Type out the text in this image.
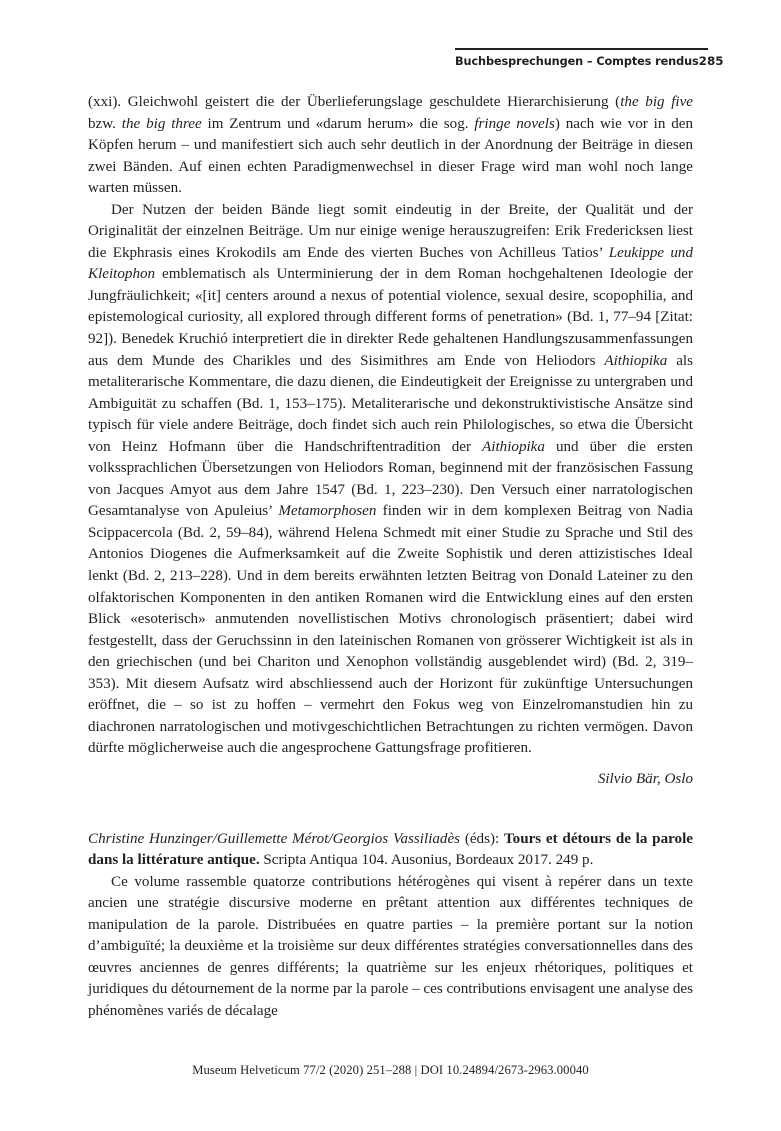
Buchbesprechungen – Comptes rendus 285

(xxi). Gleichwohl geistert die der Überlieferungslage geschuldete Hierarchisierung (the big five bzw. the big three im Zentrum und «darum herum» die sog. fringe novels) nach wie vor in den Köpfen herum – und manifestiert sich auch sehr deutlich in der Anordnung der Beiträge in diesen zwei Bänden. Auf einen echten Paradigmenwechsel in dieser Frage wird man wohl noch lange warten müssen.

Der Nutzen der beiden Bände liegt somit eindeutig in der Breite, der Qualität und der Originalität der einzelnen Beiträge. Um nur einige wenige herauszugreifen: Erik Fredericksen liest die Ekphrasis eines Krokodils am Ende des vierten Buches von Achilleus Tatios’ Leukippe und Kleitophon emblematisch als Unterminierung der in dem Roman hochgehaltenen Ideologie der Jungfräulichkeit; «[it] centers around a nexus of potential violence, sexual desire, scopophilia, and epistemological curiosity, all explored through different forms of penetration» (Bd. 1, 77–94 [Zitat: 92]). Benedek Kruchió interpretiert die in direkter Rede gehaltenen Handlungszusammenfassungen aus dem Munde des Charikles und des Sisimithres am Ende von Heliodors Aithiopika als metaliterarische Kommentare, die dazu dienen, die Eindeutigkeit der Ereignisse zu untergraben und Ambiguität zu schaffen (Bd. 1, 153–175). Metaliterarische und dekonstruktivistische Ansätze sind typisch für viele andere Beiträge, doch findet sich auch rein Philologisches, so etwa die Übersicht von Heinz Hofmann über die Handschriftentradition der Aithiopika und über die ersten volkssprachlichen Übersetzungen von Heliodors Roman, beginnend mit der französischen Fassung von Jacques Amyot aus dem Jahre 1547 (Bd. 1, 223–230). Den Versuch einer narratologischen Gesamtanalyse von Apuleius’ Metamorphosen finden wir in dem komplexen Beitrag von Nadia Scippacercola (Bd. 2, 59–84), während Helena Schmedt mit einer Studie zu Sprache und Stil des Antonios Diogenes die Aufmerksamkeit auf die Zweite Sophistik und deren attizistisches Ideal lenkt (Bd. 2, 213–228). Und in dem bereits erwähnten letzten Beitrag von Donald Lateiner zu den olfaktorischen Komponenten in den antiken Romanen wird die Entwicklung eines auf den ersten Blick «esoterisch» anmutenden novellistischen Motivs chronologisch präsentiert; dabei wird festgestellt, dass der Geruchssinn in den lateinischen Romanen von grösserer Wichtigkeit ist als in den griechischen (und bei Chariton und Xenophon vollständig ausgeblendet wird) (Bd. 2, 319–353). Mit diesem Aufsatz wird abschliessend auch der Horizont für zukünftige Untersuchungen eröffnet, die – so ist zu hoffen – vermehrt den Fokus weg von Einzelromanstudien hin zu diachronen narratologischen und motivgeschichtlichen Betrachtungen zu richten vermögen. Davon dürfte möglicherweise auch die angesprochene Gattungsfrage profitieren.

Silvio Bär, Oslo

Christine Hunzinger/Guillemette Mérot/Georgios Vassiliadès (éds): Tours et détours de la parole dans la littérature antique. Scripta Antiqua 104. Ausonius, Bordeaux 2017. 249 p.

Ce volume rassemble quatorze contributions hétérogènes qui visent à repérer dans un texte ancien une stratégie discursive moderne en prêtant attention aux différentes techniques de manipulation de la parole. Distribuées en quatre parties – la première portant sur la notion d’ambiguïté; la deuxième et la troisième sur deux différentes stratégies conversationnelles dans des œuvres anciennes de genres différents; la quatrième sur les enjeux rhétoriques, politiques et juridiques du détournement de la norme par la parole – ces contributions envisagent une analyse des phénomènes variés de décalage

Museum Helveticum 77/2 (2020) 251–288 | DOI 10.24894/2673-2963.00040
